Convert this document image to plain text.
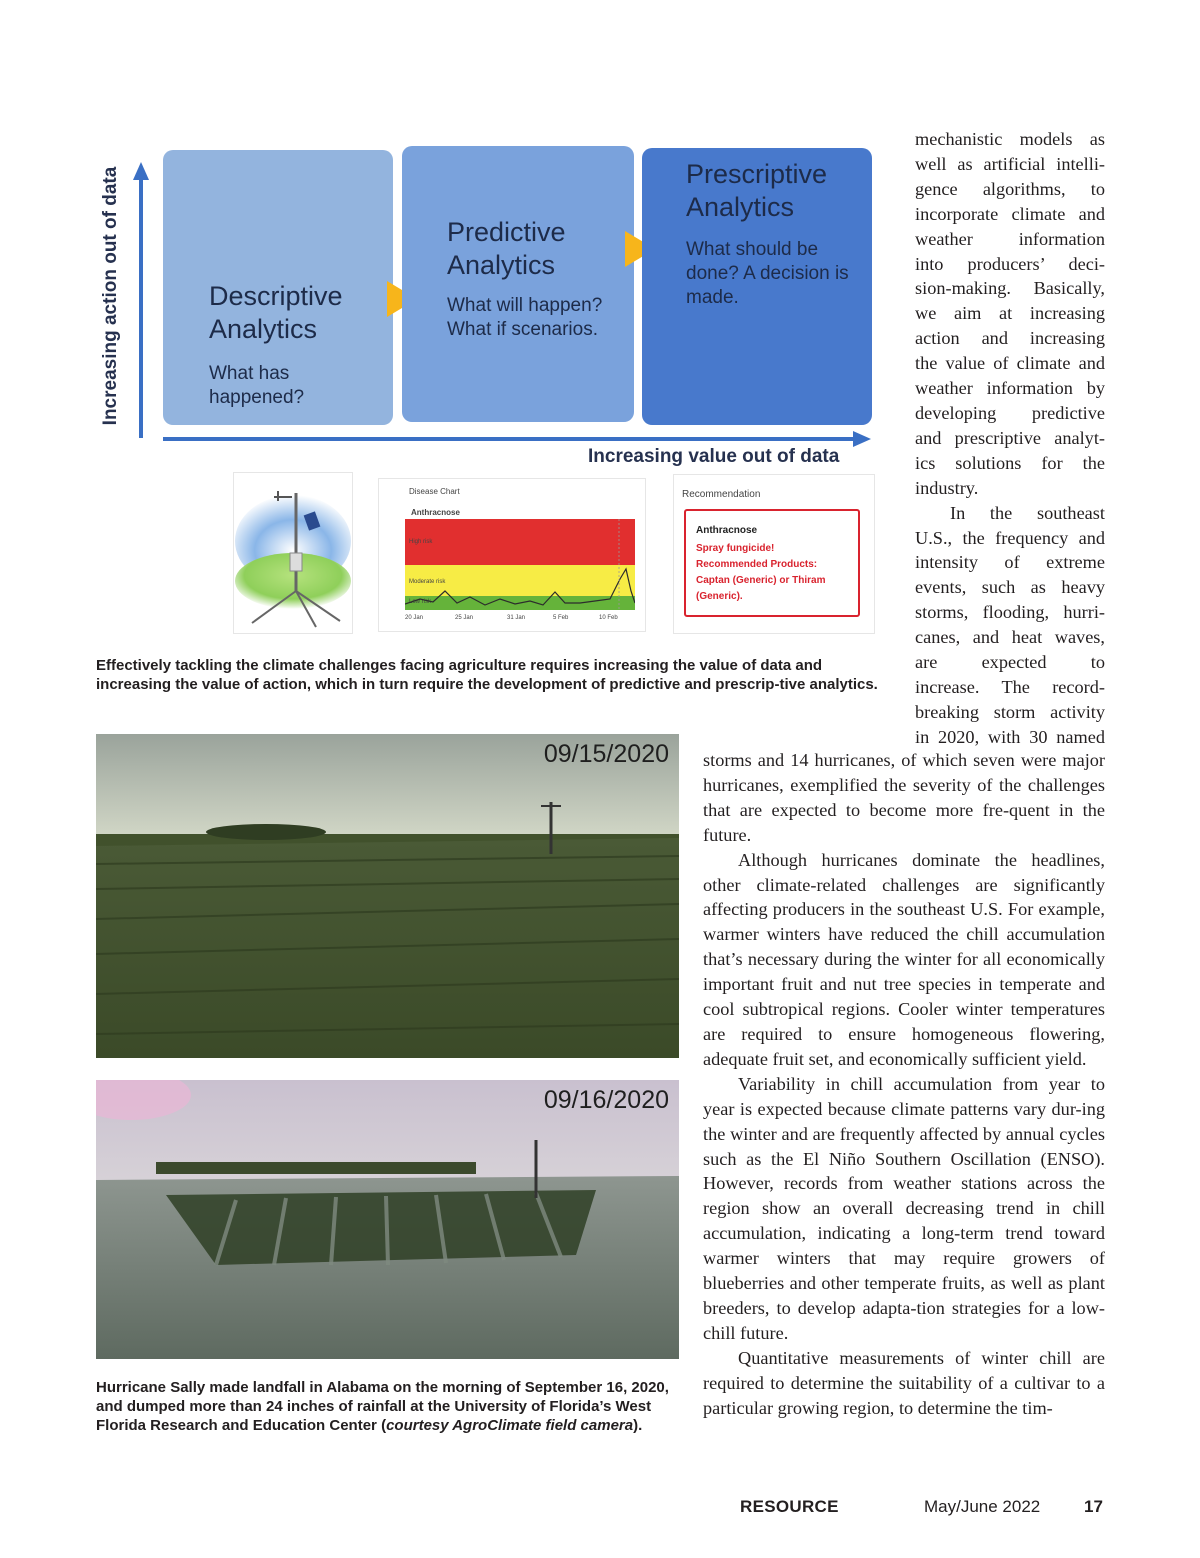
Increasing action out of data
Increasing value out of data
Descriptive
Analytics
What has
happened?
Predictive
Analytics
What will happen?
What if scenarios.
Prescriptive
Analytics
What should be
done? A decision is
made.
Disease Chart
Anthracnose
High risk
Moderate risk
Low risk
20 Jan	25 Jan	31 Jan	5 Feb	10 Feb
Recommendation
Anthracnose
Spray fungicide!
Recommended Products:
Captan (Generic) or Thiram
(Generic).
Effectively tackling the climate challenges facing agriculture requires increasing the value of data and increasing the value of action, which in turn require the development of predictive and prescrip-tive analytics.
09/15/2020
09/16/2020
Hurricane Sally made landfall in Alabama on the morning of September 16, 2020, and dumped more than 24 inches of rainfall at the University of Florida’s West Florida Research and Education Center (courtesy AgroClimate field camera).
mechanistic models as
well as artificial intelli-
gence algorithms, to
incorporate climate and
weather information
into producers’ deci-
sion-making. Basically,
we aim at increasing
action and increasing
the value of climate and
weather information by
developing predictive
and prescriptive analyt-
ics solutions for the
industry.
In the southeast
U.S., the frequency and
intensity of extreme
events, such as heavy
storms, flooding, hurri-
canes, and heat waves,
are expected to
increase. The record-
breaking storm activity
in 2020, with 30 named

storms and 14 hurricanes, of which seven were major hurricanes, exemplified the severity of the challenges that are expected to become more fre-quent in the future.

Although hurricanes dominate the headlines, other climate-related challenges are significantly affecting producers in the southeast U.S. For example, warmer winters have reduced the chill accumulation that’s necessary during the winter for all economically important fruit and nut tree species in temperate and cool subtropical regions. Cooler winter temperatures are required to ensure homogeneous flowering, adequate fruit set, and economically sufficient yield.

Variability in chill accumulation from year to year is expected because climate patterns vary dur-ing the winter and are frequently affected by annual cycles such as the El Niño Southern Oscillation (ENSO). However, records from weather stations across the region show an overall decreasing trend in chill accumulation, indicating a long-term trend toward warmer winters that may require growers of blueberries and other temperate fruits, as well as plant breeders, to develop adapta-tion strategies for a low-chill future.

Quantitative measurements of winter chill are required to determine the suitability of a cultivar to a particular growing region, to determine the tim-

RESOURCE	May/June 2022	17
